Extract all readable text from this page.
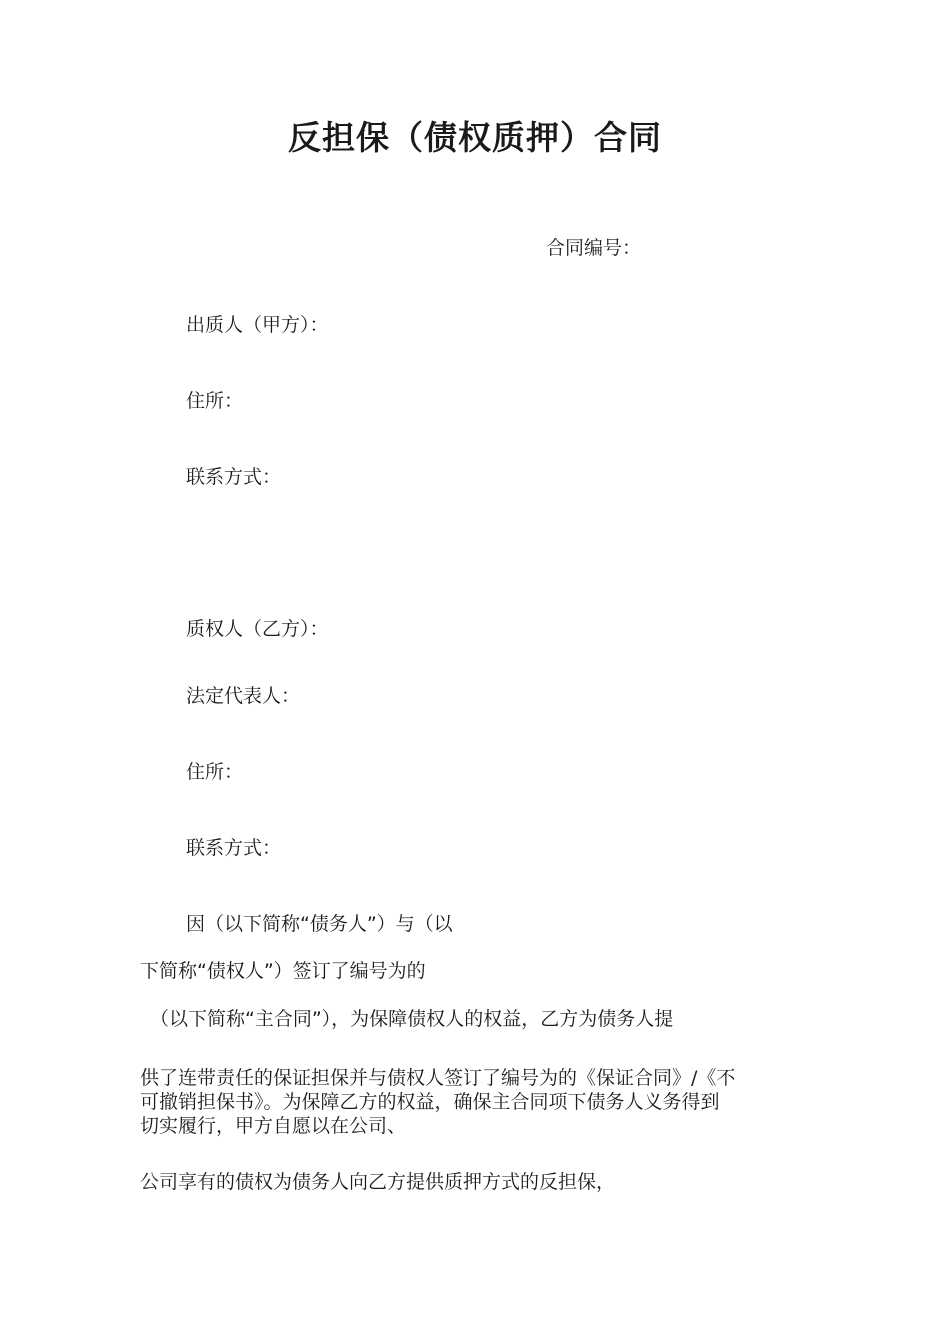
反担保（债权质押）合同
合同编号：
出质人（甲方）：
住所：
联系方式：
质权人（乙方）：
法定代表人：
住所：
联系方式：
因（以下简称“债务人”）与（以
下简称“债权人”）签订了编号为的
（以下简称“主合同”），为保障债权人的权益，乙方为债务人提
供了连带责任的保证担保并与债权人签订了编号为的《保证合同》/《不
可撤销担保书》。为保障乙方的权益，确保主合同项下债务人义务得到
切实履行，甲方自愿以在公司、
公司享有的债权为债务人向乙方提供质押方式的反担保，
